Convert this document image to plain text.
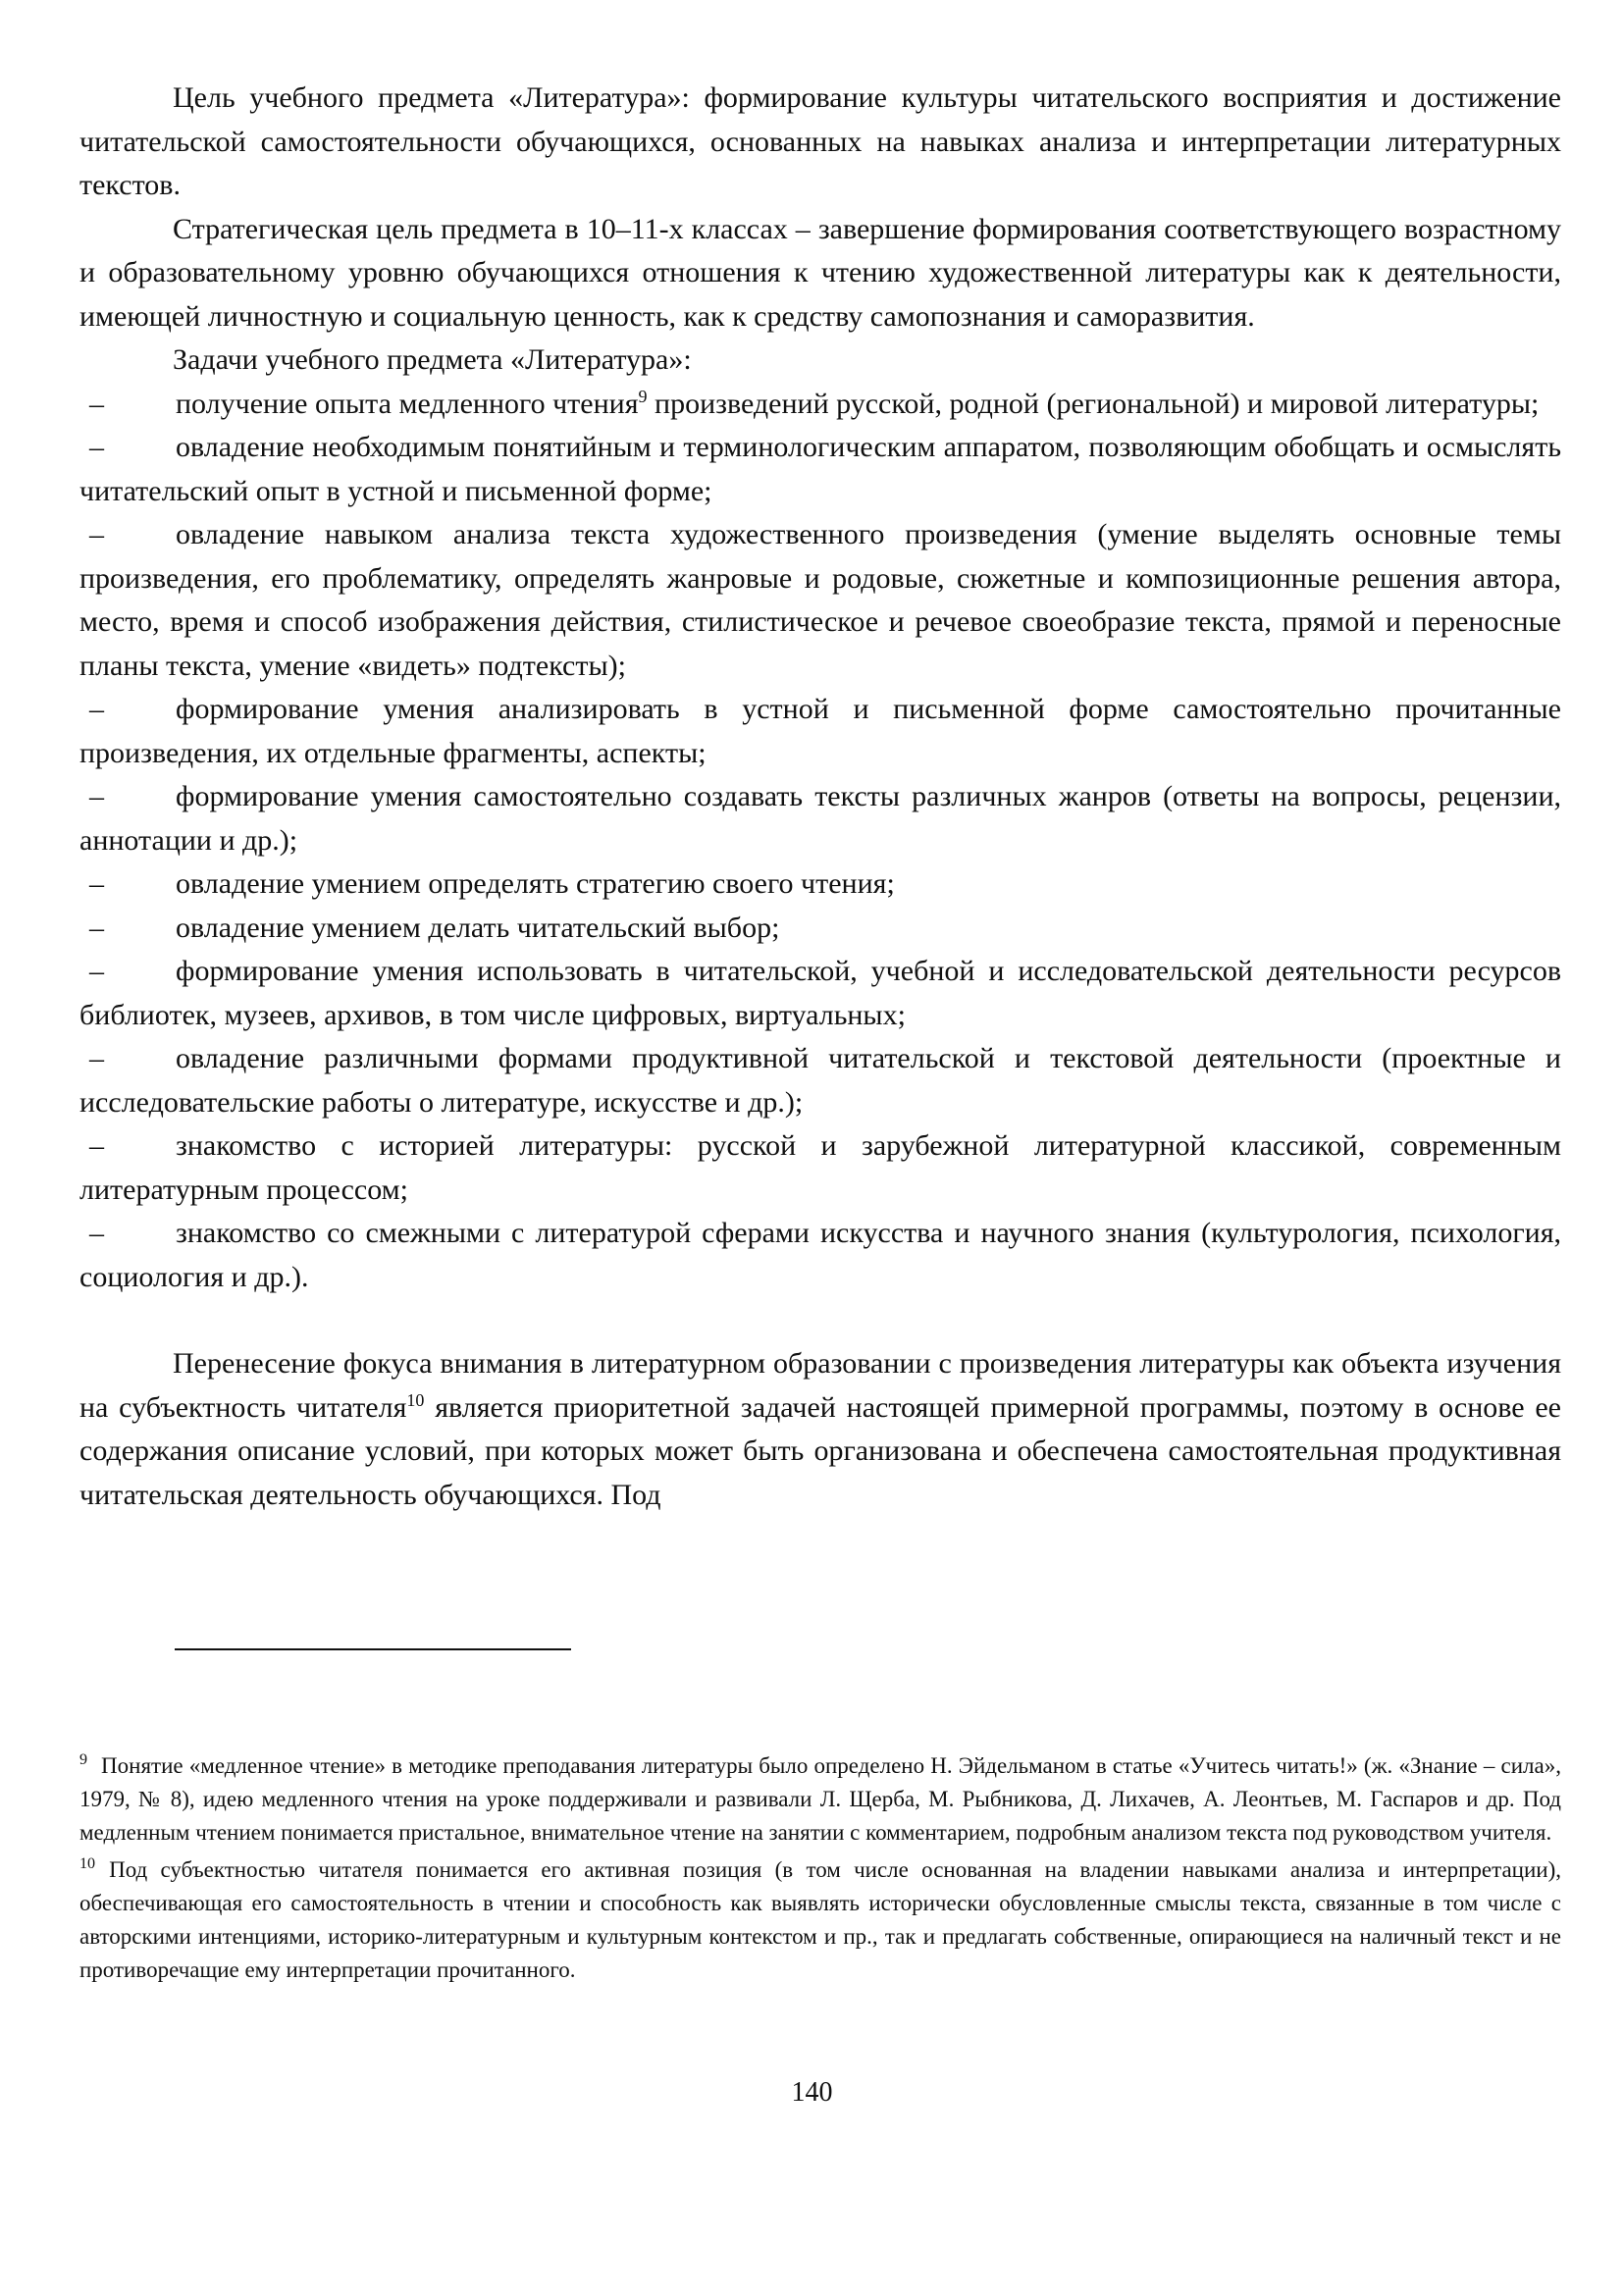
Цель учебного предмета «Литература»: формирование культуры читательского восприятия и достижение читательской самостоятельности обучающихся, основанных на навыках анализа и интерпретации литературных текстов.

Стратегическая цель предмета в 10–11-х классах – завершение формирования соответствующего возрастному и образовательному уровню обучающихся отношения к чтению художественной литературы как к деятельности, имеющей личностную и социальную ценность, как к средству самопознания и саморазвития.

Задачи учебного предмета «Литература»:

– получение опыта медленного чтения$^9$ произведений русской, родной (региональной) и мировой литературы;

– овладение необходимым понятийным и терминологическим аппаратом, позволяющим обобщать и осмыслять читательский опыт в устной и письменной форме;

– овладение навыком анализа текста художественного произведения (умение выделять основные темы произведения, его проблематику, определять жанровые и родовые, сюжетные и композиционные решения автора, место, время и способ изображения действия, стилистическое и речевое своеобразие текста, прямой и переносные планы текста, умение «видеть» подтексты);

– формирование умения анализировать в устной и письменной форме самостоятельно прочитанные произведения, их отдельные фрагменты, аспекты;

– формирование умения самостоятельно создавать тексты различных жанров (ответы на вопросы, рецензии, аннотации и др.);

– овладение умением определять стратегию своего чтения;

– овладение умением делать читательский выбор;

– формирование умения использовать в читательской, учебной и исследовательской деятельности ресурсов библиотек, музеев, архивов, в том числе цифровых, виртуальных;

– овладение различными формами продуктивной читательской и текстовой деятельности (проектные и исследовательские работы о литературе, искусстве и др.);

– знакомство с историей литературы: русской и зарубежной литературной классикой, современным литературным процессом;

– знакомство со смежными с литературой сферами искусства и научного знания (культурология, психология, социология и др.).

Перенесение фокуса внимания в литературном образовании с произведения литературы как объекта изучения на субъектность читателя$^{10}$ является приоритетной задачей настоящей примерной программы, поэтому в основе ее содержания описание условий, при которых может быть организована и обеспечена самостоятельная продуктивная читательская деятельность обучающихся. Под

$^9$ Понятие «медленное чтение» в методике преподавания литературы было определено Н. Эйдельманом в статье «Учитесь читать!» (ж. «Знание – сила», 1979, № 8), идею медленного чтения на уроке поддерживали и развивали Л. Щерба, М. Рыбникова, Д. Лихачев, А. Леонтьев, М. Гаспаров и др. Под медленным чтением понимается пристальное, внимательное чтение на занятии с комментарием, подробным анализом текста под руководством учителя.

$^{10}$ Под субъектностью читателя понимается его активная позиция (в том числе основанная на владении навыками анализа и интерпретации), обеспечивающая его самостоятельность в чтении и способность как выявлять исторически обусловленные смыслы текста, связанные в том числе с авторскими интенциями, историко-литературным и культурным контекстом и пр., так и предлагать собственные, опирающиеся на наличный текст и не противоречащие ему интерпретации прочитанного.

140
